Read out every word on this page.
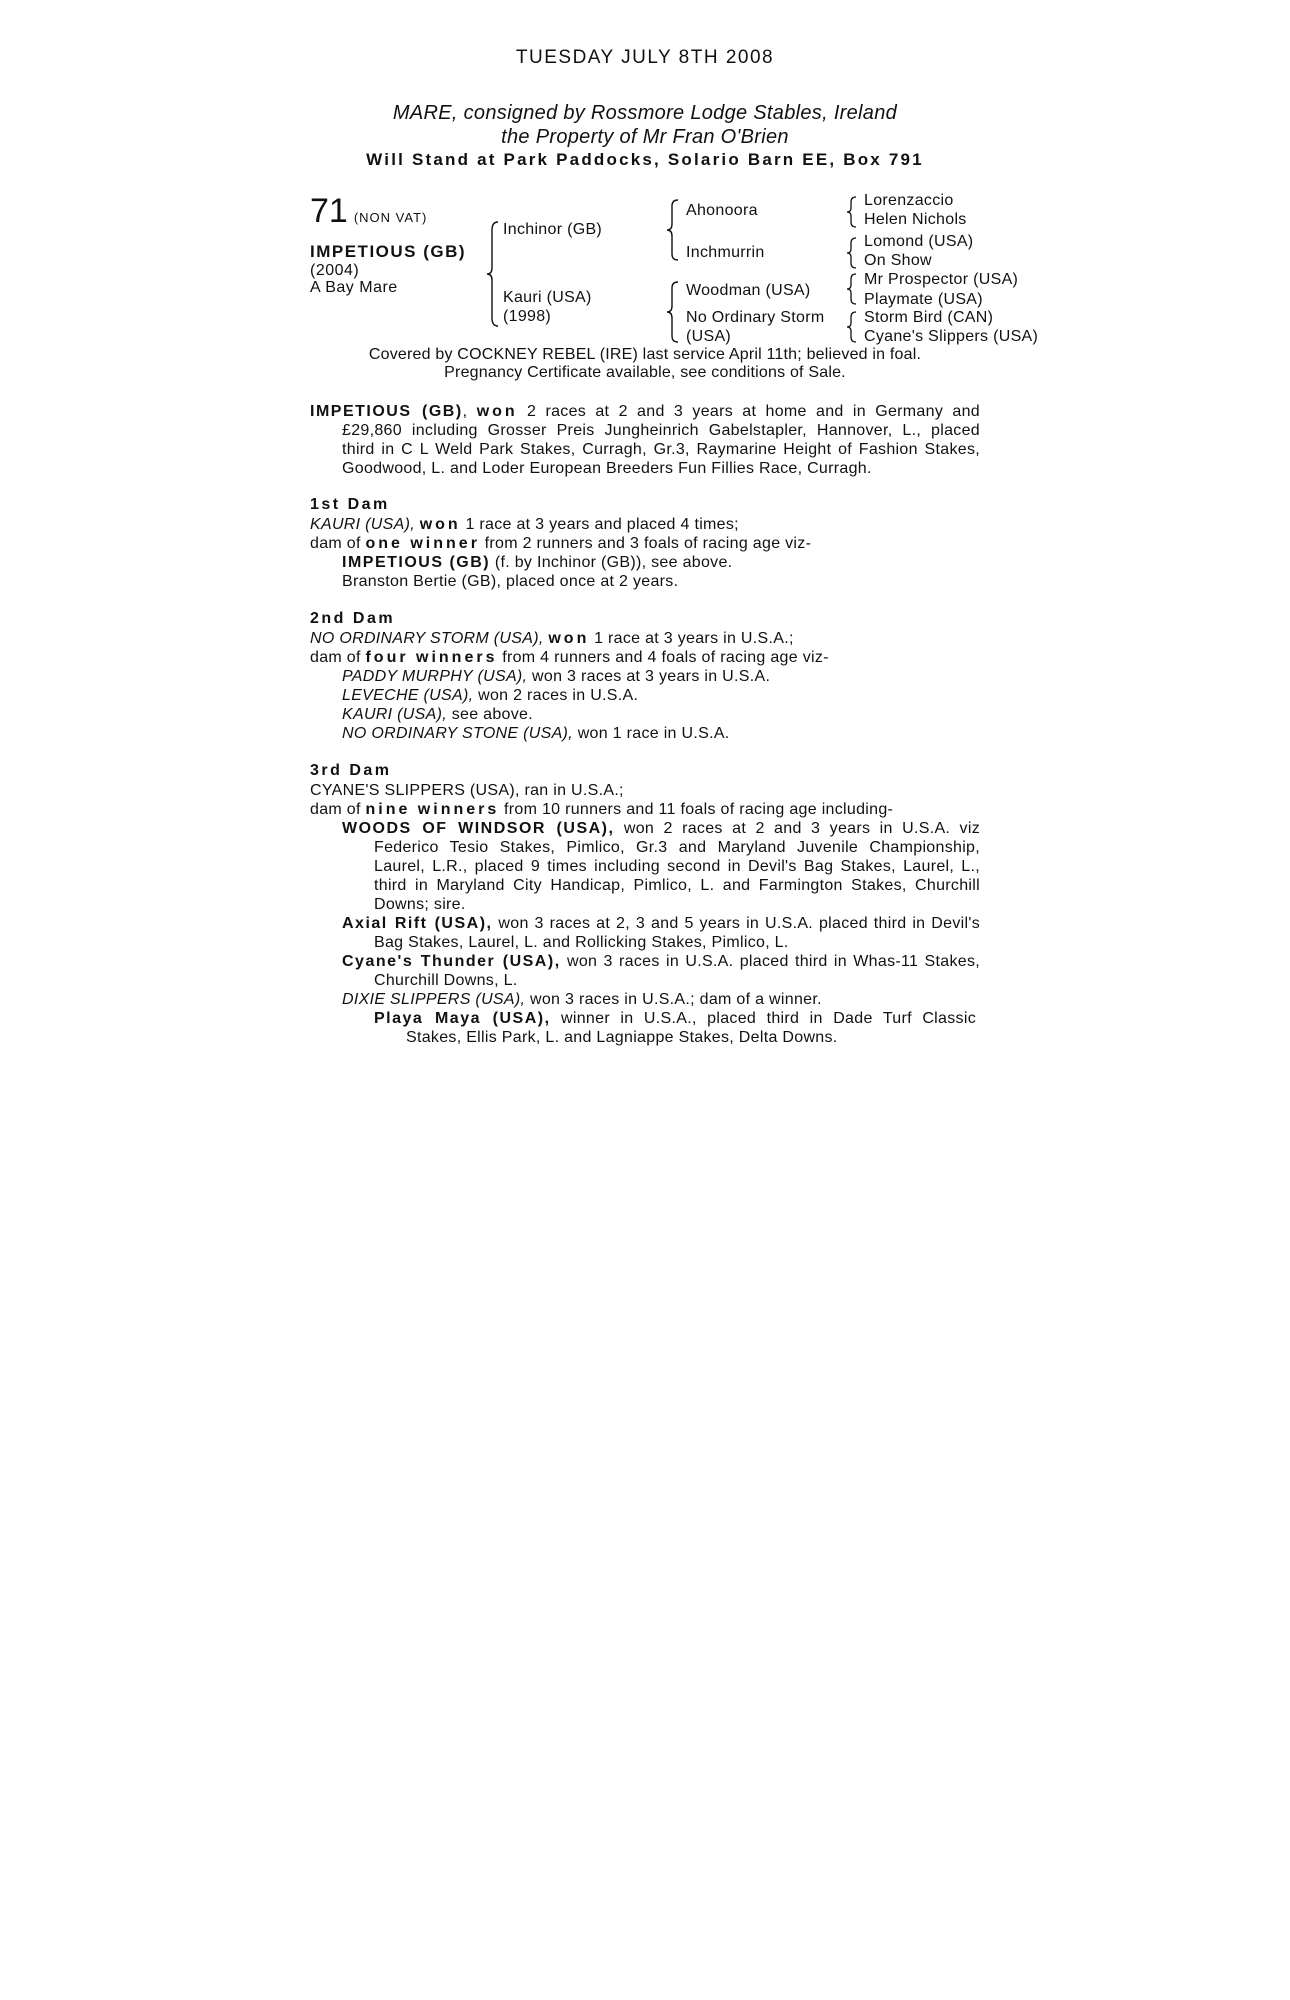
TUESDAY JULY 8TH 2008
MARE, consigned by Rossmore Lodge Stables, Ireland
the Property of Mr Fran O'Brien
Will Stand at Park Paddocks, Solario Barn EE, Box 791
71 (NON VAT)
IMPETIOUS (GB)
(2004)
A Bay Mare
Inchinor (GB)
Kauri (USA)
(1998)
Ahonoora
Inchmurrin
Woodman (USA)
No Ordinary Storm
(USA)
Lorenzaccio
Helen Nichols
Lomond (USA)
On Show
Mr Prospector (USA)
Playmate (USA)
Storm Bird (CAN)
Cyane's Slippers (USA)
Covered by COCKNEY REBEL (IRE) last service April 11th; believed in foal.
Pregnancy Certificate available, see conditions of Sale.
IMPETIOUS (GB), won 2 races at 2 and 3 years at home and in Germany and
£29,860 including Grosser Preis Jungheinrich Gabelstapler, Hannover, L., placed
third in C L Weld Park Stakes, Curragh, Gr.3, Raymarine Height of Fashion Stakes,
Goodwood, L. and Loder European Breeders Fun Fillies Race, Curragh.
1st Dam
KAURI (USA), won 1 race at 3 years and placed 4 times;
dam of one winner from 2 runners and 3 foals of racing age viz-
IMPETIOUS (GB) (f. by Inchinor (GB)), see above.
Branston Bertie (GB), placed once at 2 years.
2nd Dam
NO ORDINARY STORM (USA), won 1 race at 3 years in U.S.A.;
dam of four winners from 4 runners and 4 foals of racing age viz-
PADDY MURPHY (USA), won 3 races at 3 years in U.S.A.
LEVECHE (USA), won 2 races in U.S.A.
KAURI (USA), see above.
NO ORDINARY STONE (USA), won 1 race in U.S.A.
3rd Dam
CYANE'S SLIPPERS (USA), ran in U.S.A.;
dam of nine winners from 10 runners and 11 foals of racing age including-
WOODS OF WINDSOR (USA), won 2 races at 2 and 3 years in U.S.A. viz
Federico Tesio Stakes, Pimlico, Gr.3 and Maryland Juvenile Championship,
Laurel, L.R., placed 9 times including second in Devil's Bag Stakes, Laurel, L.,
third in Maryland City Handicap, Pimlico, L. and Farmington Stakes, Churchill
Downs; sire.
Axial Rift (USA), won 3 races at 2, 3 and 5 years in U.S.A. placed third in Devil's
Bag Stakes, Laurel, L. and Rollicking Stakes, Pimlico, L.
Cyane's Thunder (USA), won 3 races in U.S.A. placed third in Whas-11 Stakes,
Churchill Downs, L.
DIXIE SLIPPERS (USA), won 3 races in U.S.A.; dam of a winner.
Playa Maya (USA), winner in U.S.A., placed third in Dade Turf Classic
Stakes, Ellis Park, L. and Lagniappe Stakes, Delta Downs.
